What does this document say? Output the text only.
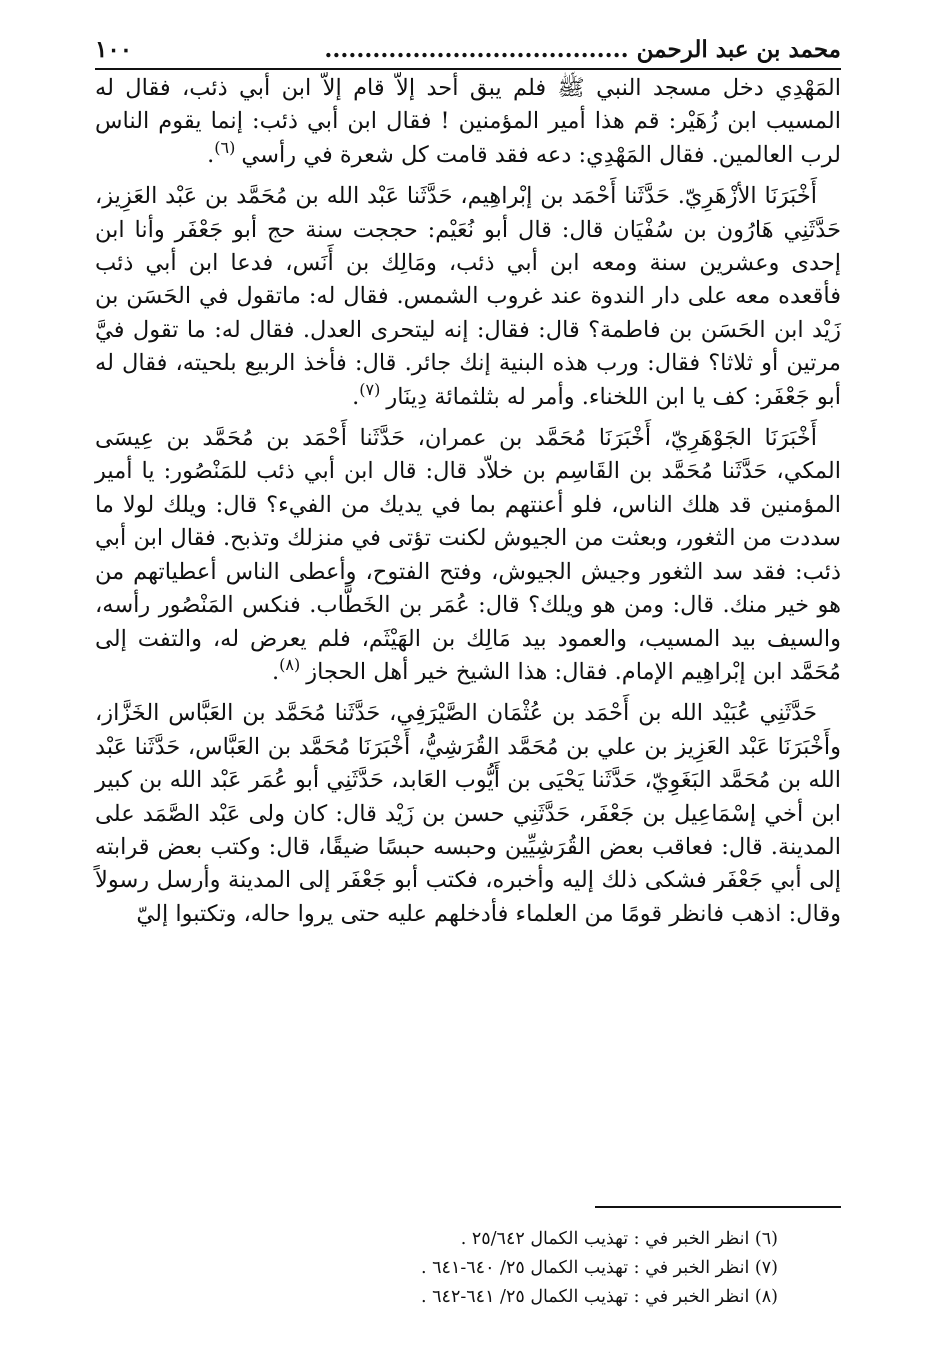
محمد بن عبد الرحمن ......................................
١٠٠

المَهْدِي دخل مسجد النبي ﷺ فلم يبق أحد إلاّ قام إلاّ ابن أبي ذئب، فقال له المسيب ابن زُهَيْر: قم هذا أمير المؤمنين ! فقال ابن أبي ذئب: إنما يقوم الناس لرب العالمين. فقال المَهْدِي: دعه فقد قامت كل شعرة في رأسي$^{(٦)}$.

أَخْبَرَنَا الأزْهَرِيّ. حَدَّثَنا أَحْمَد بن إبْراهِيم، حَدَّثَنا عَبْد الله بن مُحَمَّد بن عَبْد العَزِيز، حَدَّثَنِي هَارُون بن سُفْيَان قال: قال أبو نُعَيْم: حججت سنة حج أبو جَعْفَر وأنا ابن إحدى وعشرين سنة ومعه ابن أبي ذئب، ومَالِك بن أَنَس، فدعا ابن أبي ذئب فأقعده معه على دار الندوة عند غروب الشمس. فقال له: ماتقول في الحَسَن بن زَيْد ابن الحَسَن بن فاطمة؟ قال: فقال: إنه ليتحرى العدل. فقال له: ما تقول فيَّ مرتين أو ثلاثا؟ فقال: ورب هذه البنية إنك جائر. قال: فأخذ الربيع بلحيته، فقال له أبو جَعْفَر: كف يا ابن اللخناء. وأمر له بثلثمائة دِينَار$^{(٧)}$.

أَخْبَرَنَا الجَوْهَرِيّ، أَخْبَرَنَا مُحَمَّد بن عمران، حَدَّثَنا أَحْمَد بن مُحَمَّد بن عِيسَى المكي، حَدَّثَنا مُحَمَّد بن القَاسِم بن خلاّد قال: قال ابن أبي ذئب للمَنْصُور: يا أمير المؤمنين قد هلك الناس، فلو أعنتهم بما في يديك من الفيء؟ قال: ويلك لولا ما سددت من الثغور، وبعثت من الجيوش لكنت تؤتى في منزلك وتذبح. فقال ابن أبي ذئب: فقد سد الثغور وجيش الجيوش، وفتح الفتوح، وأعطى الناس أعطياتهم من هو خير منك. قال: ومن هو ويلك؟ قال: عُمَر بن الخَطَّاب. فنكس المَنْصُور رأسه، والسيف بيد المسيب، والعمود بيد مَالِك بن الهَيْثَم، فلم يعرض له، والتفت إلى مُحَمَّد ابن إبْراهِيم الإمام. فقال: هذا الشيخ خير أهل الحجاز$^{(٨)}$.

حَدَّثَنِي عُبَيْد الله بن أَحْمَد بن عُثْمَان الصَّيْرَفِي، حَدَّثَنا مُحَمَّد بن العَبَّاس الخَزَّاز، وأَخْبَرَنَا عَبْد العَزِيز بن علي بن مُحَمَّد القُرَشِيُّ، أَخْبَرَنَا مُحَمَّد بن العَبَّاس، حَدَّثَنا عَبْد الله بن مُحَمَّد البَغَوِيّ، حَدَّثَنا يَحْيَى بن أَيُّوب العَابد، حَدَّثَنِي أبو عُمَر عَبْد الله بن كبير ابن أخي إسْمَاعِيل بن جَعْفَر، حَدَّثَنِي حسن بن زَيْد قال: كان ولى عَبْد الصَّمَد على المدينة. قال: فعاقب بعض القُرَشِيِّين وحبسه حبسًا ضيقًا، قال: وكتب بعض قرابته إلى أبي جَعْفَر فشكى ذلك إليه وأخبره، فكتب أبو جَعْفَر إلى المدينة وأرسل رسولاً وقال: اذهب فانظر قومًا من العلماء فأدخلهم عليه حتى يروا حاله، وتكتبوا إليّ

(٦) انظر الخبر في : تهذيب الكمال ٢٥/٦٤٢ .
(٧) انظر الخبر في : تهذيب الكمال ٢٥/ ٦٤٠-٦٤١ .
(٨) انظر الخبر في : تهذيب الكمال ٢٥/ ٦٤١-٦٤٢ .
